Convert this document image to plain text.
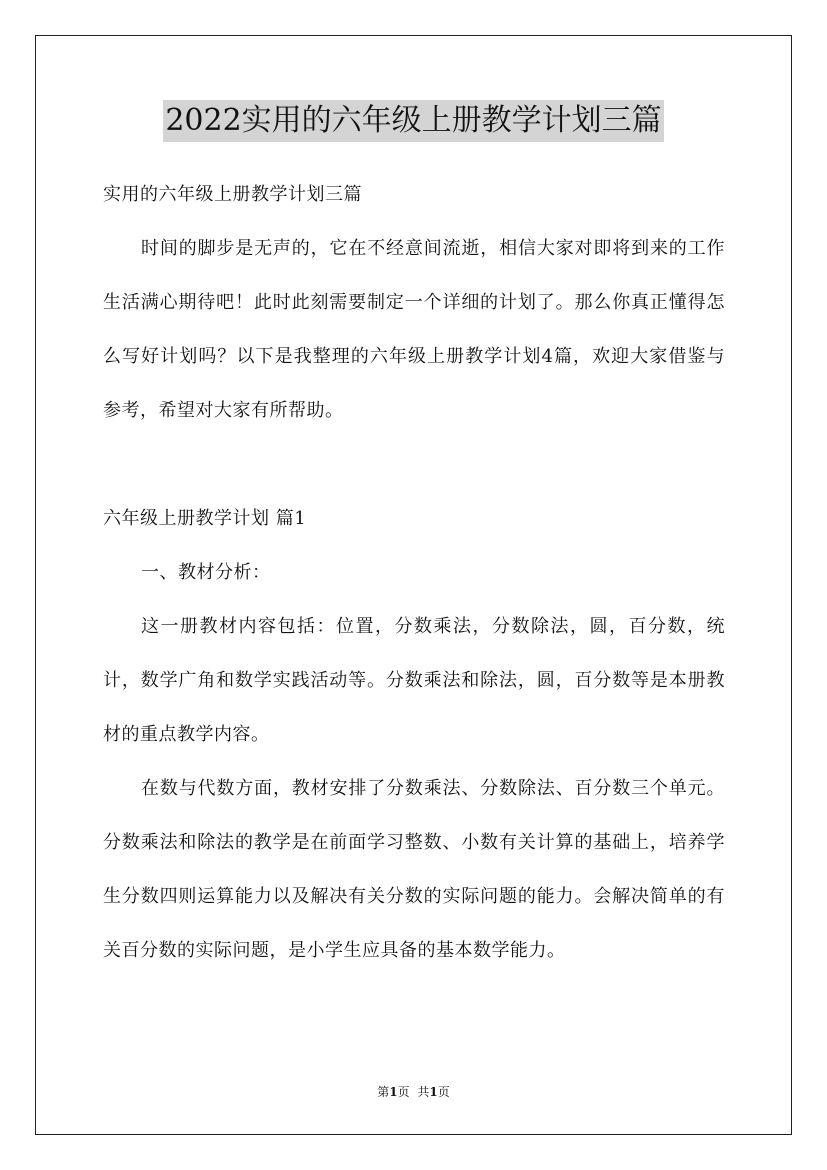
2022实用的六年级上册教学计划三篇

实用的六年级上册教学计划三篇

时间的脚步是无声的，它在不经意间流逝，相信大家对即将到来的工作生活满心期待吧！此时此刻需要制定一个详细的计划了。那么你真正懂得怎么写好计划吗？以下是我整理的六年级上册教学计划4篇，欢迎大家借鉴与参考，希望对大家有所帮助。

六年级上册教学计划 篇1

一、教材分析：

这一册教材内容包括：位置，分数乘法，分数除法，圆，百分数，统计，数学广角和数学实践活动等。分数乘法和除法，圆，百分数等是本册教材的重点教学内容。

在数与代数方面，教材安排了分数乘法、分数除法、百分数三个单元。分数乘法和除法的教学是在前面学习整数、小数有关计算的基础上，培养学生分数四则运算能力以及解决有关分数的实际问题的能力。会解决简单的有关百分数的实际问题，是小学生应具备的基本数学能力。

第1页 共1页
